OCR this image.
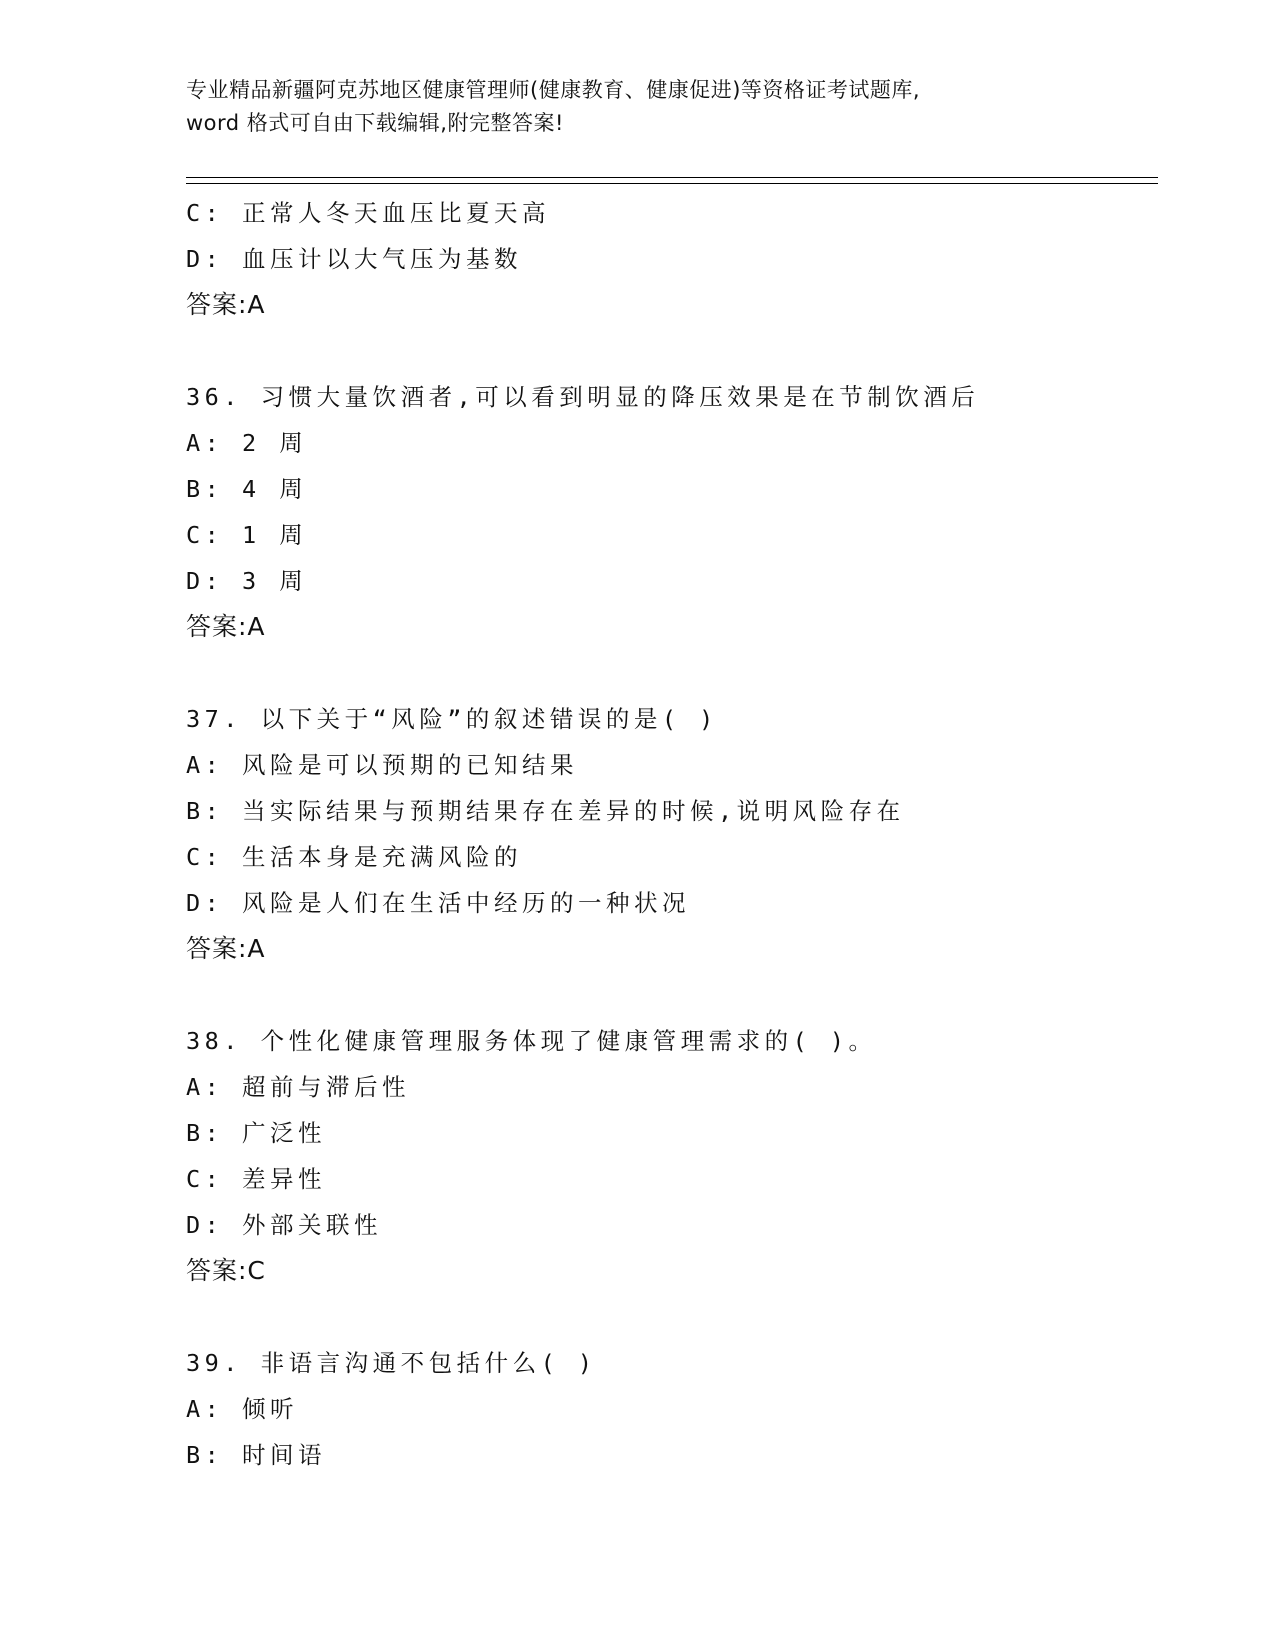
专业精品新疆阿克苏地区健康管理师(健康教育、健康促进)等资格证考试题库,
word 格式可自由下载编辑,附完整答案!
C: 正常人冬天血压比夏天高
D: 血压计以大气压为基数
答案:A
36. 习惯大量饮酒者,可以看到明显的降压效果是在节制饮酒后
A: 2 周
B: 4 周
C: 1 周
D: 3 周
答案:A
37. 以下关于“风险”的叙述错误的是( )
A: 风险是可以预期的已知结果
B: 当实际结果与预期结果存在差异的时候,说明风险存在
C: 生活本身是充满风险的
D: 风险是人们在生活中经历的一种状况
答案:A
38. 个性化健康管理服务体现了健康管理需求的( )。
A: 超前与滞后性
B: 广泛性
C: 差异性
D: 外部关联性
答案:C
39. 非语言沟通不包括什么( )
A: 倾听
B: 时间语
